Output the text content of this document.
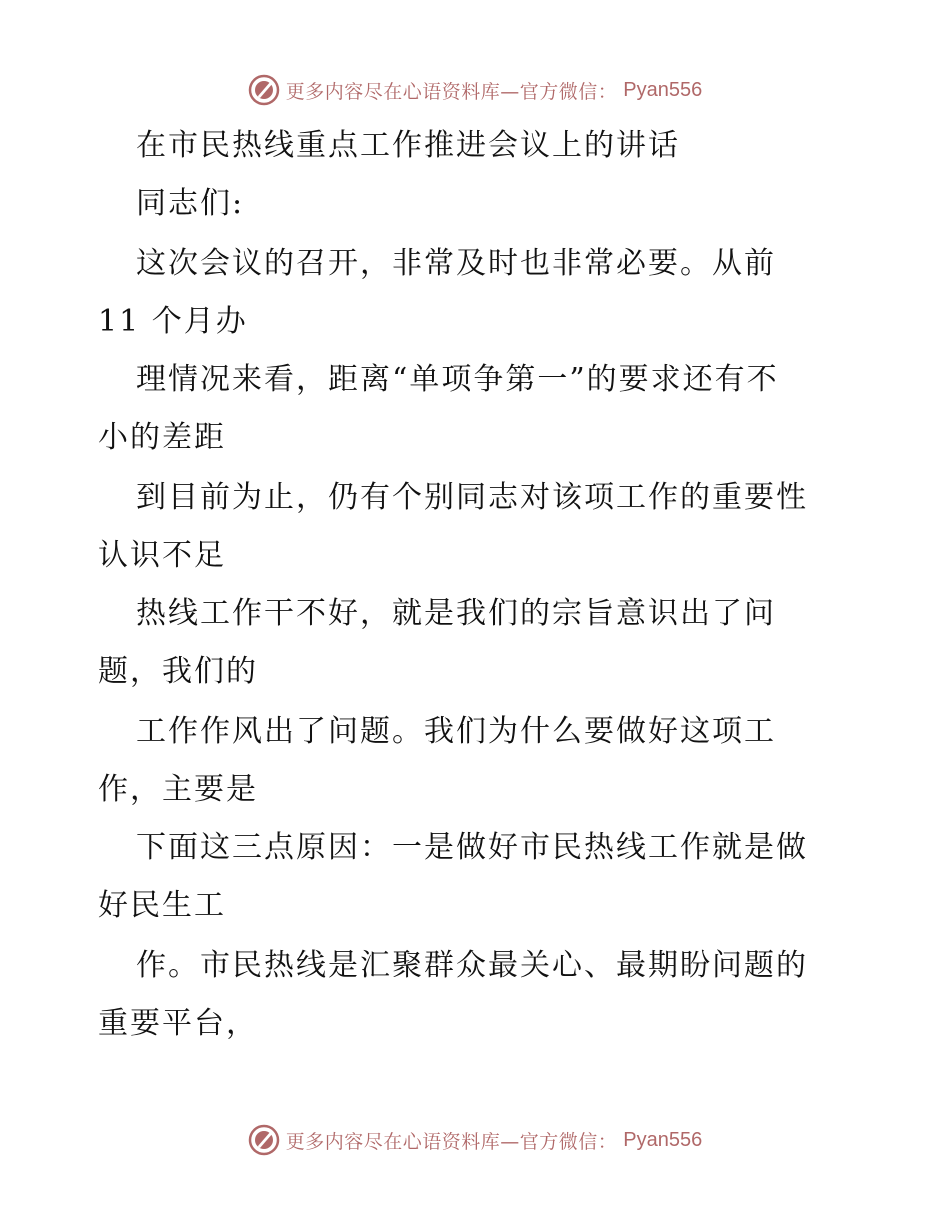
更多内容尽在心语资料库—官方微信： Pyan556
在市民热线重点工作推进会议上的讲话
同志们:
这次会议的召开，非常及时也非常必要。从前
11 个月办
理情况来看，距离“单项争第一”的要求还有不
小的差距
到目前为止，仍有个别同志对该项工作的重要性
认识不足
热线工作干不好，就是我们的宗旨意识出了问
题，我们的
工作作风出了问题。我们为什么要做好这项工
作，主要是
下面这三点原因：一是做好市民热线工作就是做
好民生工
作。市民热线是汇聚群众最关心、最期盼问题的
重要平台，
更多内容尽在心语资料库—官方微信： Pyan556
